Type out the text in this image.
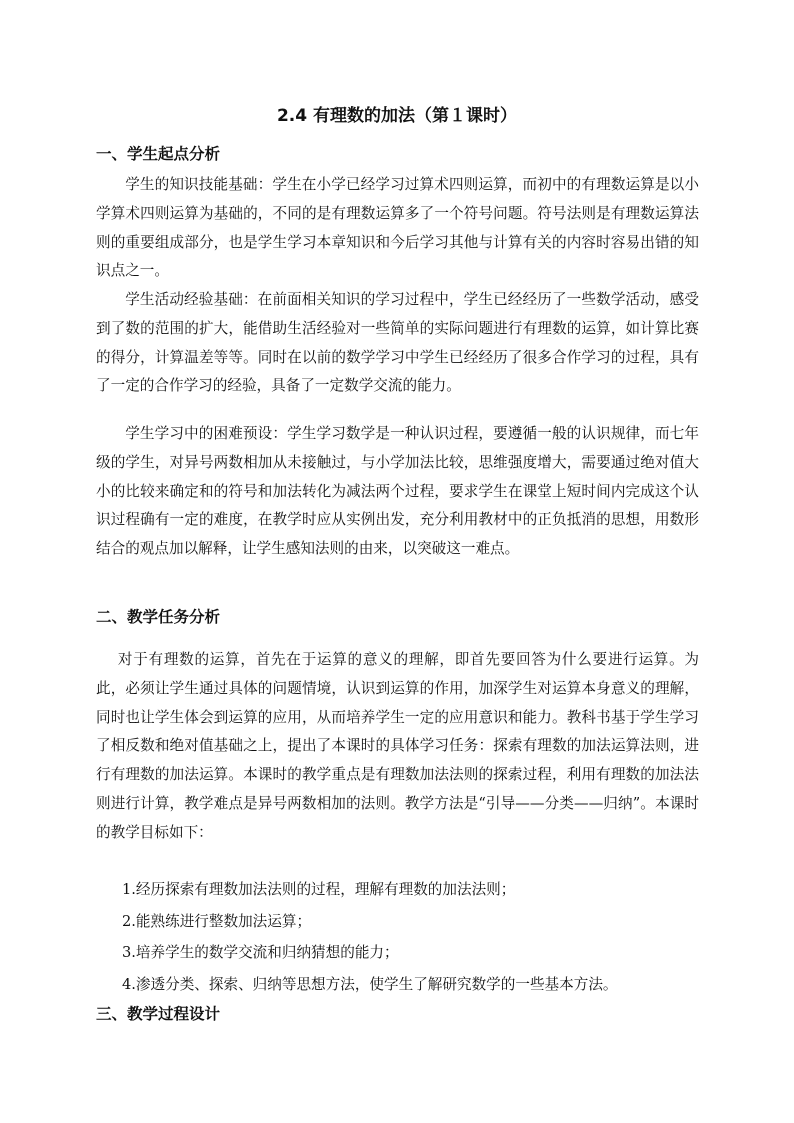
2.4 有理数的加法（第１课时）
一、学生起点分析

学生的知识技能基础：学生在小学已经学习过算术四则运算，而初中的有理数运算是以小学算术四则运算为基础的，不同的是有理数运算多了一个符号问题。符号法则是有理数运算法则的重要组成部分，也是学生学习本章知识和今后学习其他与计算有关的内容时容易出错的知识点之一。

学生活动经验基础：在前面相关知识的学习过程中，学生已经经历了一些数学活动，感受到了数的范围的扩大，能借助生活经验对一些简单的实际问题进行有理数的运算，如计算比赛的得分，计算温差等等。同时在以前的数学学习中学生已经经历了很多合作学习的过程，具有了一定的合作学习的经验，具备了一定数学交流的能力。

学生学习中的困难预设：学生学习数学是一种认识过程，要遵循一般的认识规律，而七年级的学生，对异号两数相加从未接触过，与小学加法比较，思维强度增大，需要通过绝对值大小的比较来确定和的符号和加法转化为减法两个过程，要求学生在课堂上短时间内完成这个认识过程确有一定的难度，在教学时应从实例出发，充分利用教材中的正负抵消的思想，用数形结合的观点加以解释，让学生感知法则的由来，以突破这一难点。

二、教学任务分析

对于有理数的运算，首先在于运算的意义的理解，即首先要回答为什么要进行运算。为此，必须让学生通过具体的问题情境，认识到运算的作用，加深学生对运算本身意义的理解，同时也让学生体会到运算的应用，从而培养学生一定的应用意识和能力。教科书基于学生学习了相反数和绝对值基础之上，提出了本课时的具体学习任务：探索有理数的加法运算法则，进行有理数的加法运算。本课时的教学重点是有理数加法法则的探索过程，利用有理数的加法法则进行计算，教学难点是异号两数相加的法则。教学方法是“引导——分类——归纳”。本课时的教学目标如下：

1.经历探索有理数加法法则的过程，理解有理数的加法法则；
2.能熟练进行整数加法运算；
3.培养学生的数学交流和归纳猜想的能力；
4.渗透分类、探索、归纳等思想方法，使学生了解研究数学的一些基本方法。
三、教学过程设计
